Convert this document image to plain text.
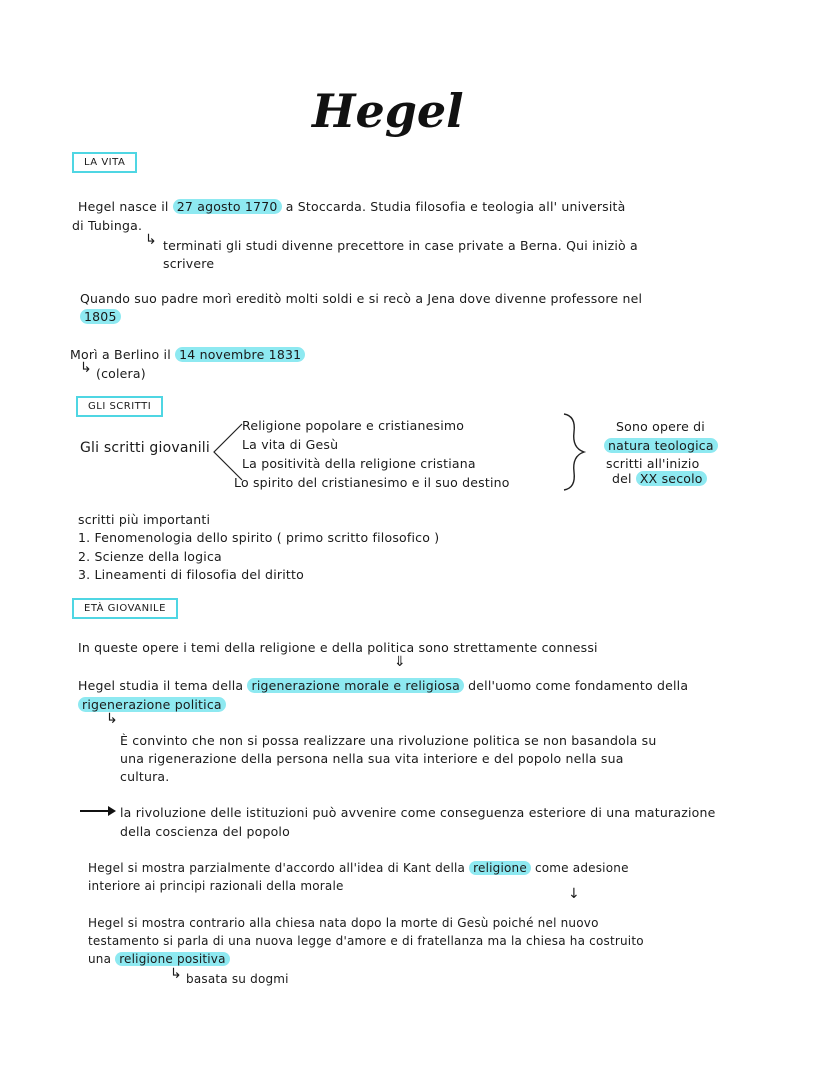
Hegel
LA VITA
Hegel nasce il 27 agosto 1770 a Stoccarda. Studia filosofia e teologia all' università
di Tubinga.
↳ terminati gli studi divenne precettore in case private a Berna. Qui iniziò a
scrivere
Quando suo padre morì ereditò molti soldi e si recò a Jena dove divenne professore nel
1805
Morì a Berlino il 14 novembre 1831
↳ (colera)
GLI SCRITTI
Gli scritti giovanili
Religione popolare e cristianesimo
La vita di Gesù
La positività della religione cristiana
Lo spirito del cristianesimo e il suo destino
Sono opere di
natura teologica
scritti all'inizio
del XX secolo
scritti più importanti
1. Fenomenologia dello spirito ( primo scritto filosofico )
2. Scienze della logica
3. Lineamenti di filosofia del diritto
ETÀ GIOVANILE
In queste opere i temi della religione e della politica sono strettamente connessi
⇓
Hegel studia il tema della rigenerazione morale e religiosa dell'uomo come fondamento della
rigenerazione politica
↳
È convinto che non si possa realizzare una rivoluzione politica se non basandola su
una rigenerazione della persona nella sua vita interiore e del popolo nella sua
cultura.
la rivoluzione delle istituzioni può avvenire come conseguenza esteriore di una maturazione
della coscienza del popolo
Hegel si mostra parzialmente d'accordo all'idea di Kant della religione come adesione
interiore ai principi razionali della morale	↓
Hegel si mostra contrario alla chiesa nata dopo la morte di Gesù poiché nel nuovo
testamento si parla di una nuova legge d'amore e di fratellanza ma la chiesa ha costruito
una religione positiva
↳ basata su dogmi
